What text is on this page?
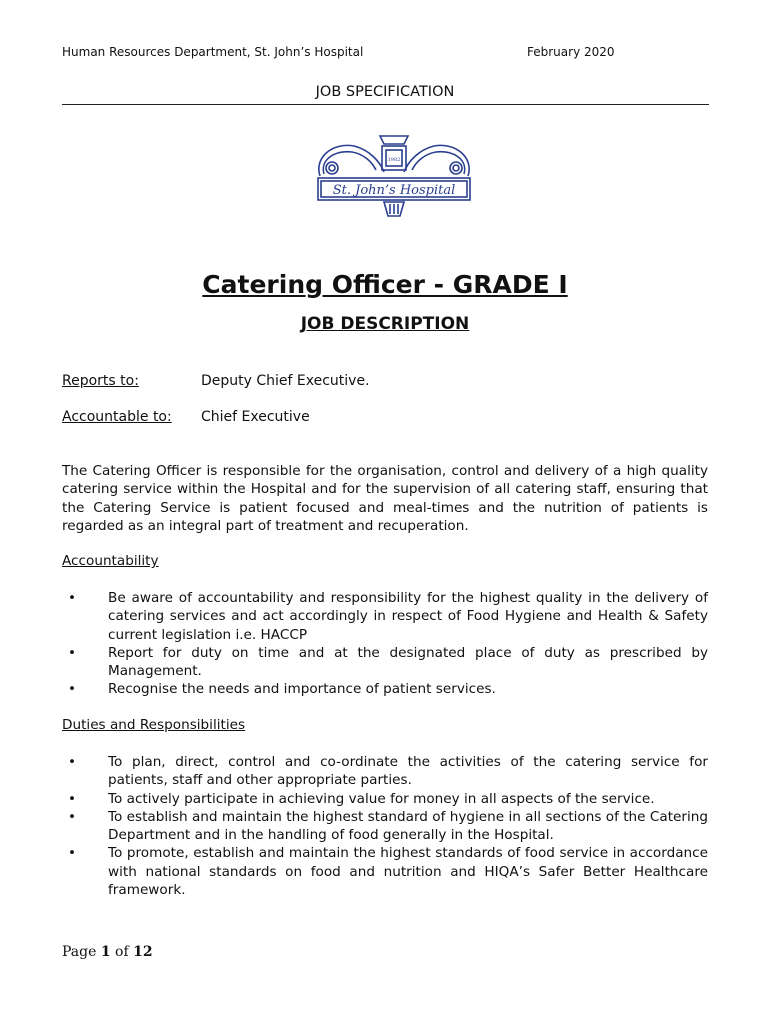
Human Resources Department, St. John’s Hospital	February 2020
JOB SPECIFICATION
1982
St. John’s Hospital
Catering Officer - GRADE I
JOB DESCRIPTION
Reports to:	Deputy Chief Executive.
Accountable to: Chief Executive
The Catering Officer is responsible for the organisation, control and delivery of a high quality catering service within the Hospital and for the supervision of all catering staff, ensuring that the Catering Service is patient focused and meal-times and the nutrition of patients is regarded as an integral part of treatment and recuperation.
Accountability
• Be aware of accountability and responsibility for the highest quality in the delivery of catering services and act accordingly in respect of Food Hygiene and Health & Safety current legislation i.e. HACCP
• Report for duty on time and at the designated place of duty as prescribed by Management.
• Recognise the needs and importance of patient services.
Duties and Responsibilities
• To plan, direct, control and co-ordinate the activities of the catering service for patients, staff and other appropriate parties.
• To actively participate in achieving value for money in all aspects of the service.
• To establish and maintain the highest standard of hygiene in all sections of the Catering Department and in the handling of food generally in the Hospital.
• To promote, establish and maintain the highest standards of food service in accordance with national standards on food and nutrition and HIQA’s Safer Better Healthcare framework.
Page 1 of 12
